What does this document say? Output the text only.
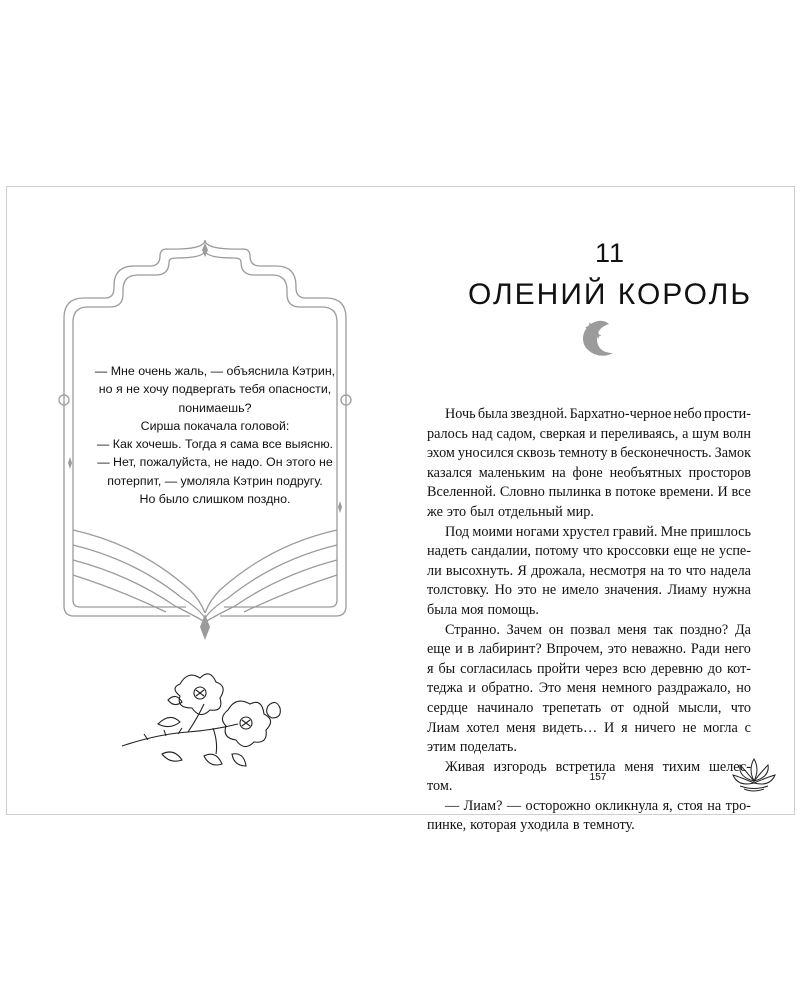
— Мне очень жаль, — объяснила Кэтрин,
но я не хочу подвергать тебя опасности,
понимаешь?
Сирша покачала головой:
— Как хочешь. Тогда я сама все выясню.
— Нет, пожалуйста, не надо. Он этого не
потерпит, — умоляла Кэтрин подругу.
Но было слишком поздно.
11
ОЛЕНИЙ КОРОЛЬ
Ночь была звездной. Бархатно-черное небо прости-
ралось над садом, сверкая и переливаясь, а шум волн
эхом уносился сквозь темноту в бесконечность. Замок
казался маленьким на фоне необъятных просторов
Вселенной. Словно пылинка в потоке времени. И все
же это был отдельный мир.
Под моими ногами хрустел гравий. Мне пришлось
надеть сандалии, потому что кроссовки еще не успе-
ли высохнуть. Я дрожала, несмотря на то что надела
толстовку. Но это не имело значения. Лиаму нужна
была моя помощь.
Странно. Зачем он позвал меня так поздно? Да
еще и в лабиринт? Впрочем, это неважно. Ради него
я бы согласилась пройти через всю деревню до кот-
теджа и обратно. Это меня немного раздражало, но
сердце начинало трепетать от одной мысли, что
Лиам хотел меня видеть… И я ничего не могла с
этим поделать.
Живая изгородь встретила меня тихим шелес-
том.
— Лиам? — осторожно окликнула я, стоя на тро-
пинке, которая уходила в темноту.
157
